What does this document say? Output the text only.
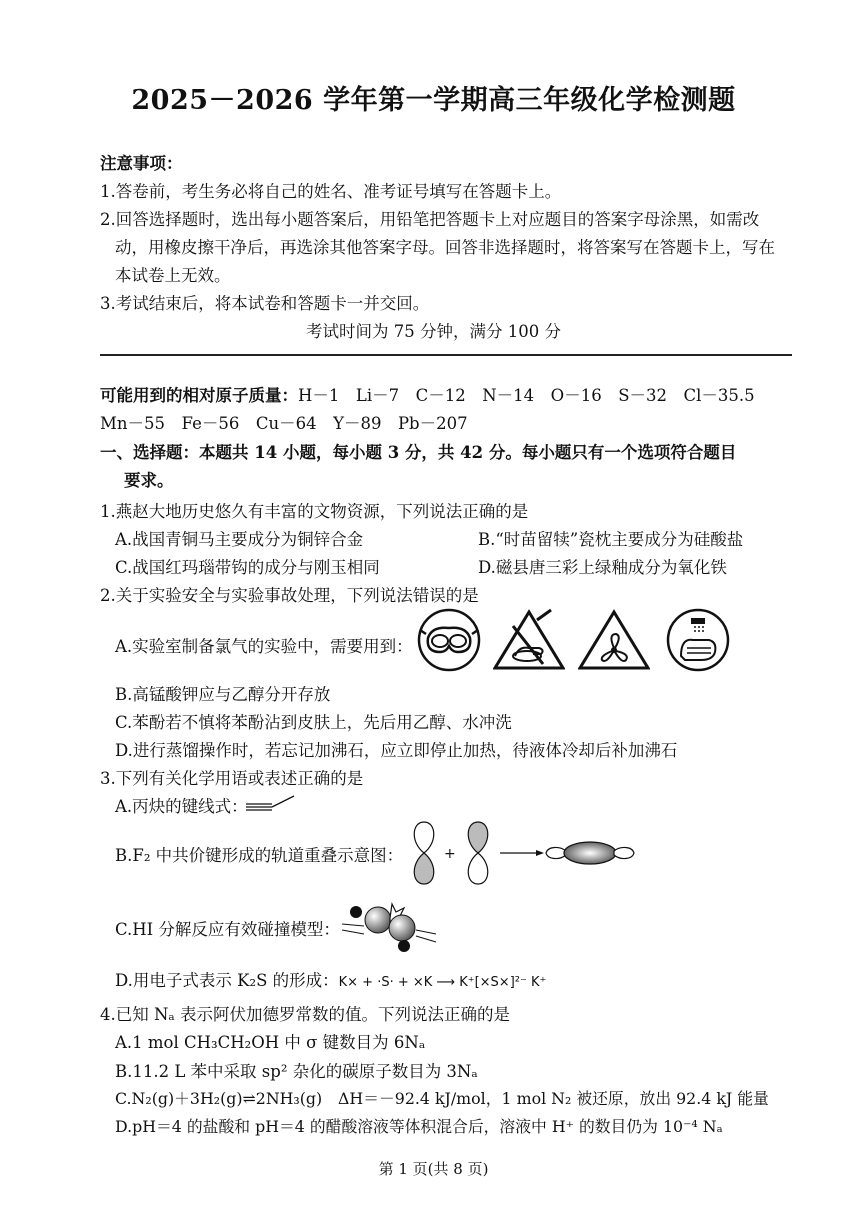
2025－2026 学年第一学期高三年级化学检测题
注意事项：
1.答卷前，考生务必将自己的姓名、准考证号填写在答题卡上。
2.回答选择题时，选出每小题答案后，用铅笔把答题卡上对应题目的答案字母涂黑，如需改
动，用橡皮擦干净后，再选涂其他答案字母。回答非选择题时，将答案写在答题卡上，写在
本试卷上无效。
3.考试结束后，将本试卷和答题卡一并交回。
考试时间为 75 分钟，满分 100 分
可能用到的相对原子质量：H－1　Li－7　C－12　N－14　O－16　S－32　Cl－35.5
Mn－55　Fe－56　Cu－64　Y－89　Pb－207
一、选择题：本题共 14 小题，每小题 3 分，共 42 分。每小题只有一个选项符合题目
要求。
1.燕赵大地历史悠久有丰富的文物资源，下列说法正确的是
A.战国青铜马主要成分为铜锌合金	B.“时苗留犊”瓷枕主要成分为硅酸盐
C.战国红玛瑙带钩的成分与刚玉相同	D.磁县唐三彩上绿釉成分为氧化铁
2.关于实验安全与实验事故处理，下列说法错误的是
A.实验室制备氯气的实验中，需要用到：

B.高锰酸钾应与乙醇分开存放
C.苯酚若不慎将苯酚沾到皮肤上，先后用乙醇、水冲洗
D.进行蒸馏操作时，若忘记加沸石，应立即停止加热，待液体冷却后补加沸石
3.下列有关化学用语或表述正确的是
A.丙炔的键线式：
B.F₂ 中共价键形成的轨道重叠示意图：	+
C.HI 分解反应有效碰撞模型：
D.用电子式表示 K₂S 的形成：K× + ·S· + ×K ⟶ K⁺[×S×]²⁻ K⁺
4.已知 Nₐ 表示阿伏加德罗常数的值。下列说法正确的是
A.1 mol CH₃CH₂OH 中 σ 键数目为 6Nₐ
B.11.2 L 苯中采取 sp² 杂化的碳原子数目为 3Nₐ
C.N₂(g)＋3H₂(g)⇌2NH₃(g)　ΔH＝－92.4 kJ/mol，1 mol N₂ 被还原，放出 92.4 kJ 能量
D.pH＝4 的盐酸和 pH＝4 的醋酸溶液等体积混合后，溶液中 H⁺ 的数目仍为 10⁻⁴ Nₐ
第 1 页(共 8 页)
